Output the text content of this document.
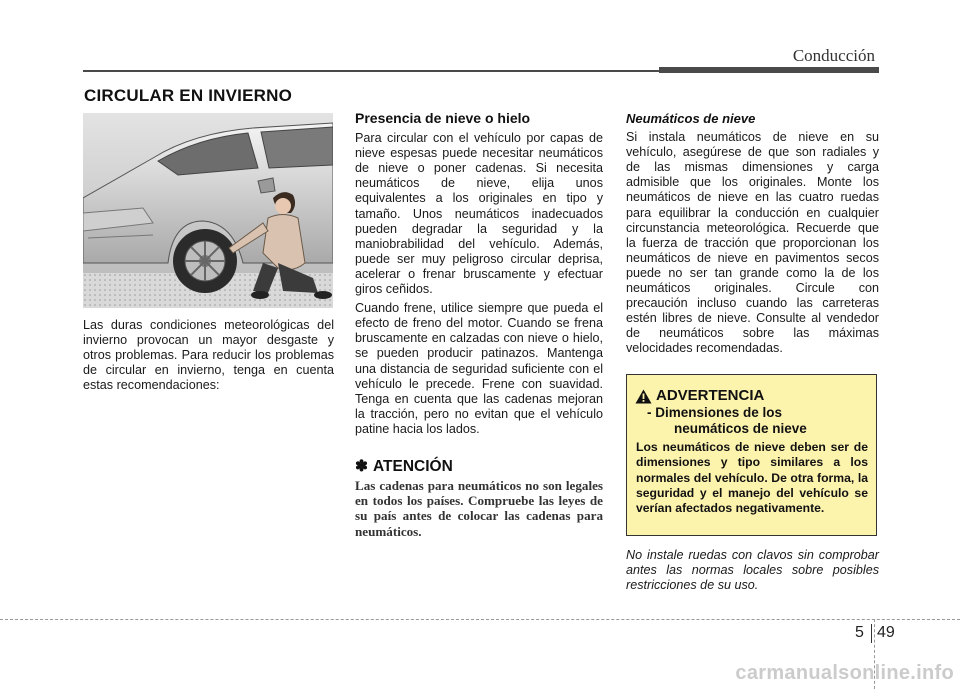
Conducción
CIRCULAR EN INVIERNO

Las duras condiciones meteorológicas del invierno provocan un mayor desgaste y otros problemas. Para reducir los problemas de circular en invierno, tenga en cuenta estas recomendaciones:

Presencia de nieve o hielo

Para circular con el vehículo por capas de nieve espesas puede necesitar neumáticos de nieve o poner cadenas. Si necesita neumáticos de nieve, elija unos equivalentes a los originales en tipo y tamaño. Unos neumáticos inadecuados pueden degradar la seguridad y la maniobrabilidad del vehículo. Además, puede ser muy peligroso circular deprisa, acelerar o frenar bruscamente y efectuar giros ceñidos.

Cuando frene, utilice siempre que pueda el efecto de freno del motor. Cuando se frena bruscamente en calzadas con nieve o hielo, se pueden producir patinazos. Mantenga una distancia de seguridad suficiente con el vehículo le precede. Frene con suavidad. Tenga en cuenta que las cadenas mejoran la tracción, pero no evitan que el vehículo patine hacia los lados.

✽ ATENCIÓN
Las cadenas para neumáticos no son legales en todos los países. Compruebe las leyes de su país antes de colocar las cadenas para neumáticos.
Neumáticos de nieve

Si instala neumáticos de nieve en su vehículo, asegúrese de que son radiales y de las mismas dimensiones y carga admisible que los originales. Monte los neumáticos de nieve en las cuatro ruedas para equilibrar la conducción en cualquier circunstancia meteorológica. Recuerde que la fuerza de tracción que proporcionan los neumáticos de nieve en pavimentos secos puede no ser tan grande como la de los neumáticos originales. Circule con precaución incluso cuando las carreteras estén libres de nieve. Consulte al vendedor de neumáticos sobre las máximas velocidades recomendadas.

ADVERTENCIA
- Dimensiones de los
neumáticos de nieve
Los neumáticos de nieve deben ser de dimensiones y tipo similares a los normales del vehículo. De otra forma, la seguridad y el manejo del vehículo se verían afectados negativamente.
No instale ruedas con clavos sin comprobar antes las normas locales sobre posibles restricciones de su uso.
5 49
carmanualsonline.info
